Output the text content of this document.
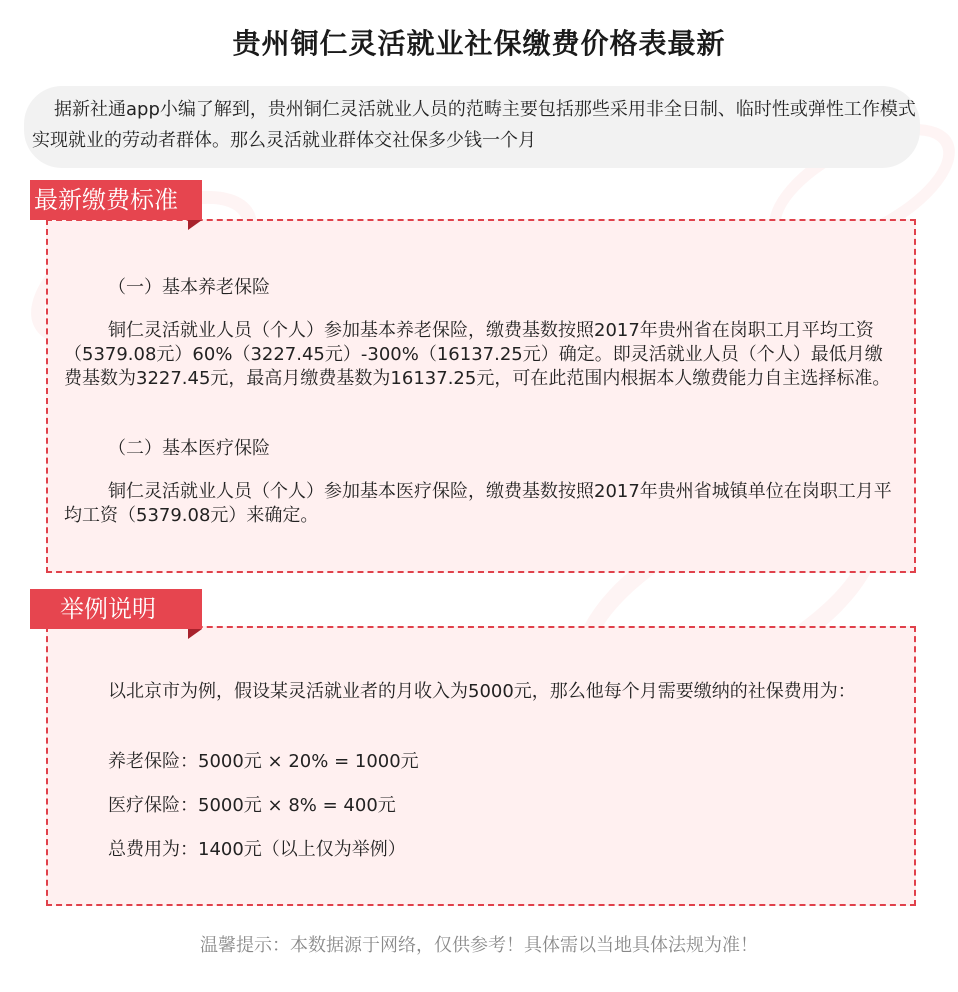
贵州铜仁灵活就业社保缴费价格表最新

据新社通app小编了解到，贵州铜仁灵活就业人员的范畴主要包括那些采用非全日制、临时性或弹性工作模式实现就业的劳动者群体。那么灵活就业群体交社保多少钱一个月

最新缴费标准

（一）基本养老保险

铜仁灵活就业人员（个人）参加基本养老保险，缴费基数按照2017年贵州省在岗职工月平均工资（5379.08元）60%（3227.45元）-300%（16137.25元）确定。即灵活就业人员（个人）最低月缴费基数为3227.45元，最高月缴费基数为16137.25元，可在此范围内根据本人缴费能力自主选择标准。

（二）基本医疗保险

铜仁灵活就业人员（个人）参加基本医疗保险，缴费基数按照2017年贵州省城镇单位在岗职工月平均工资（5379.08元）来确定。

举例说明

以北京市为例，假设某灵活就业者的月收入为5000元，那么他每个月需要缴纳的社保费用为：

养老保险：5000元 × 20% = 1000元

医疗保险：5000元 × 8% = 400元

总费用为：1400元（以上仅为举例）

温馨提示：本数据源于网络，仅供参考！具体需以当地具体法规为准！
